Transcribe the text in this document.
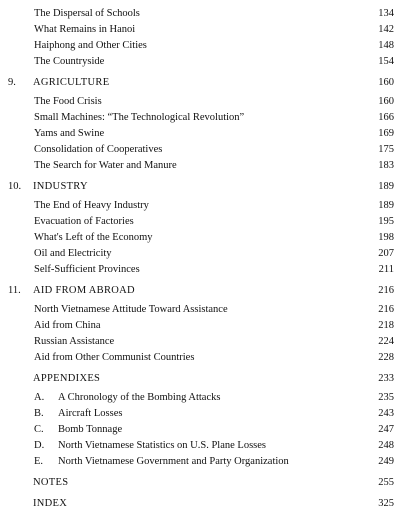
The Dispersal of Schools	134
What Remains in Hanoi	142
Haiphong and Other Cities	148
The Countryside	154
9.	AGRICULTURE	160
The Food Crisis	160
Small Machines: “The Technological Revolution”	166
Yams and Swine	169
Consolidation of Cooperatives	175
The Search for Water and Manure	183
10.	INDUSTRY	189
The End of Heavy Industry	189
Evacuation of Factories	195
What's Left of the Economy	198
Oil and Electricity	207
Self-Sufficient Provinces	211
11.	AID FROM ABROAD	216
North Vietnamese Attitude Toward Assistance	216
Aid from China	218
Russian Assistance	224
Aid from Other Communist Countries	228
APPENDIXES	233
A.	A Chronology of the Bombing Attacks	235
B.	Aircraft Losses	243
C.	Bomb Tonnage	247
D.	North Vietnamese Statistics on U.S. Plane Losses	248
E.	North Vietnamese Government and Party Organization	249
NOTES	255
INDEX	325
